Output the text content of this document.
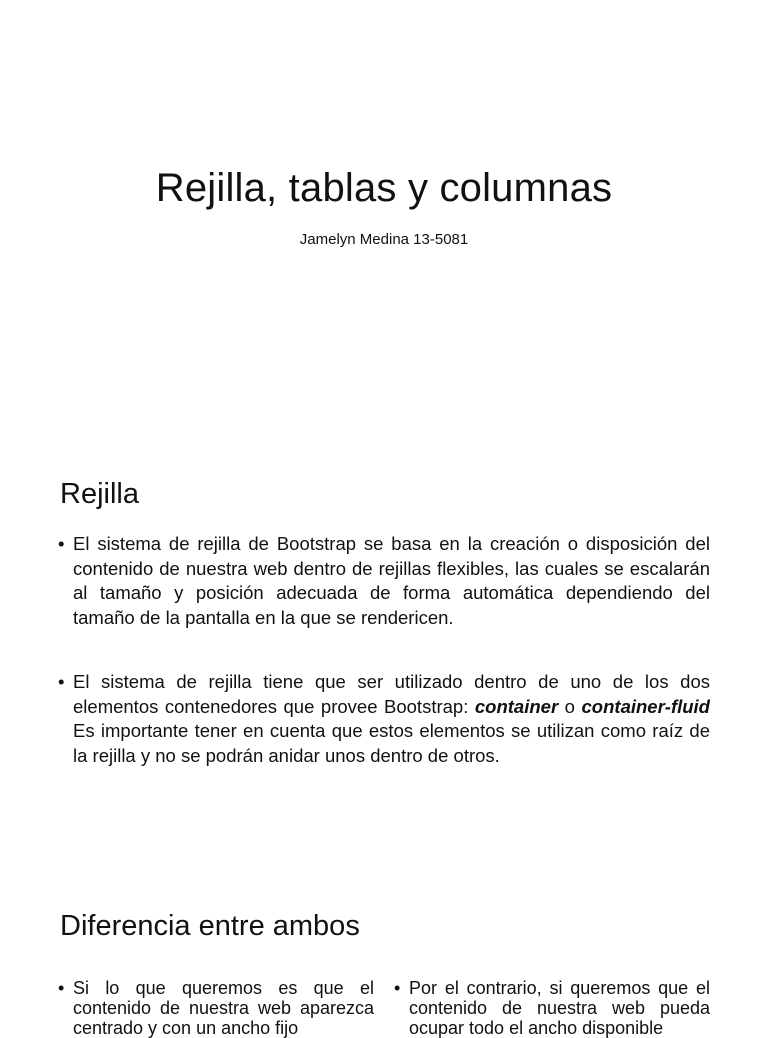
Rejilla, tablas y columnas

Jamelyn Medina 13-5081

Rejilla
• El sistema de rejilla de Bootstrap se basa en la creación o disposición del contenido de nuestra web dentro de rejillas flexibles, las cuales se escalarán al tamaño y posición adecuada de forma automática dependiendo del tamaño de la pantalla en la que se rendericen.
• El sistema de rejilla tiene que ser utilizado dentro de uno de los dos elementos contenedores que provee Bootstrap: container o container-fluid Es importante tener en cuenta que estos elementos se utilizan como raíz de la rejilla y no se podrán anidar unos dentro de otros.
Diferencia entre ambos
• Si lo que queremos es que el contenido de nuestra web aparezca centrado y con un ancho fijo
• Por el contrario, si queremos que el contenido de nuestra web pueda ocupar todo el ancho disponible
